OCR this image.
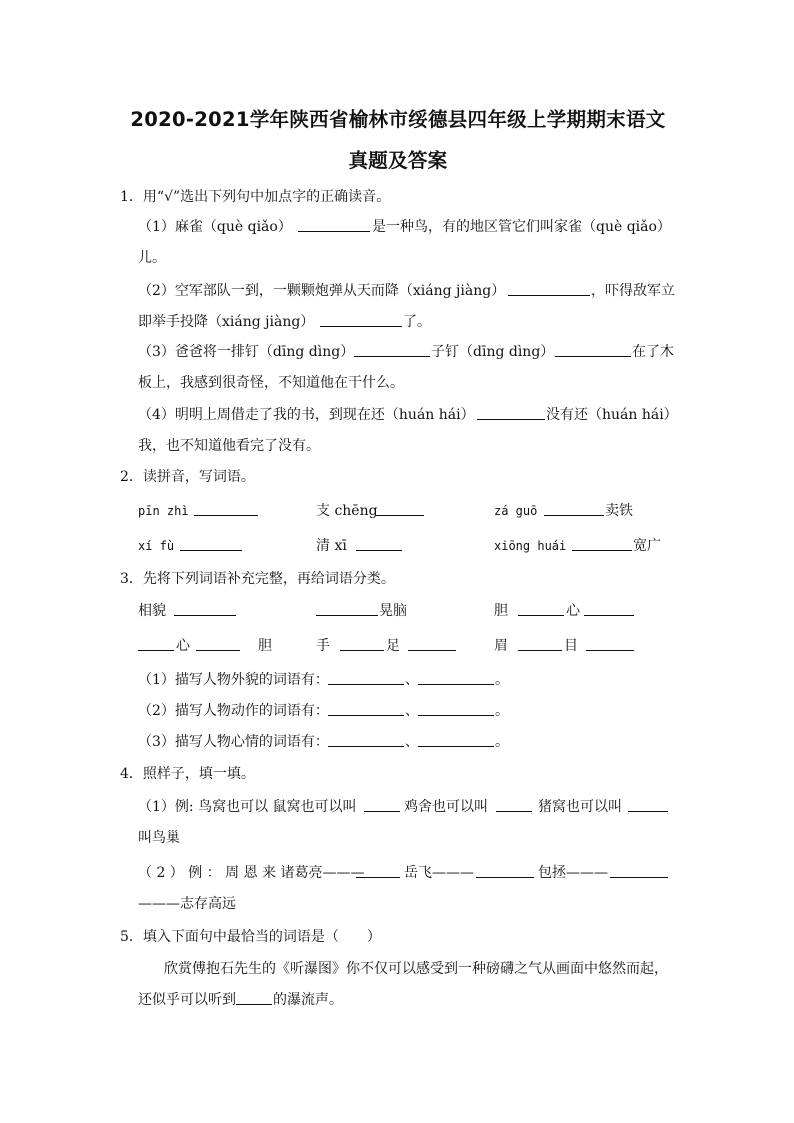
2020-2021学年陕西省榆林市绥德县四年级上学期期末语文
真题及答案
1．用“√”选出下列句中加点字的正确读音。
（1）麻雀（què qiǎo）	是一种鸟，有的地区管它们叫家雀（què qiǎo）
儿。
（2）空军部队一到，一颗颗炮弹从天而降（xiáng jiàng）	，吓得敌军立
即举手投降（xiáng jiàng）	了。
（3）爸爸将一排钉（dīng dìng）	子钉（dīng dìng）	在了木
板上，我感到很奇怪，不知道他在干什么。
（4）明明上周借走了我的书，到现在还（huán hái）	没有还（huán hái）
我，也不知道他看完了没有。
2．读拼音，写词语。
pīn zhì	支 chēng	zá guō	卖铁
xí fù	清 xī	xiōng huái	宽广
3．先将下列词语补充完整，再给词语分类。
相貌	晃脑	胆	心
心	胆	手	足	眉	目
（1）描写人物外貌的词语有：	、	。
（2）描写人物动作的词语有：	、	。
（3）描写人物心情的词语有：	、	。
4．照样子，填一填。
（1）例: 鸟窝也可以 鼠窝也可以叫	鸡舍也可以叫	猪窝也可以叫
叫鸟巢
（ 2 ） 例 ： 周 恩 来 诸葛亮———	岳飞———	包拯———
———志存高远
5．填入下面句中最恰当的词语是（　　）
欣赏傅抱石先生的《听瀑图》你不仅可以感受到一种磅礴之气从画面中悠然而起，
还似乎可以听到	的瀑流声。
